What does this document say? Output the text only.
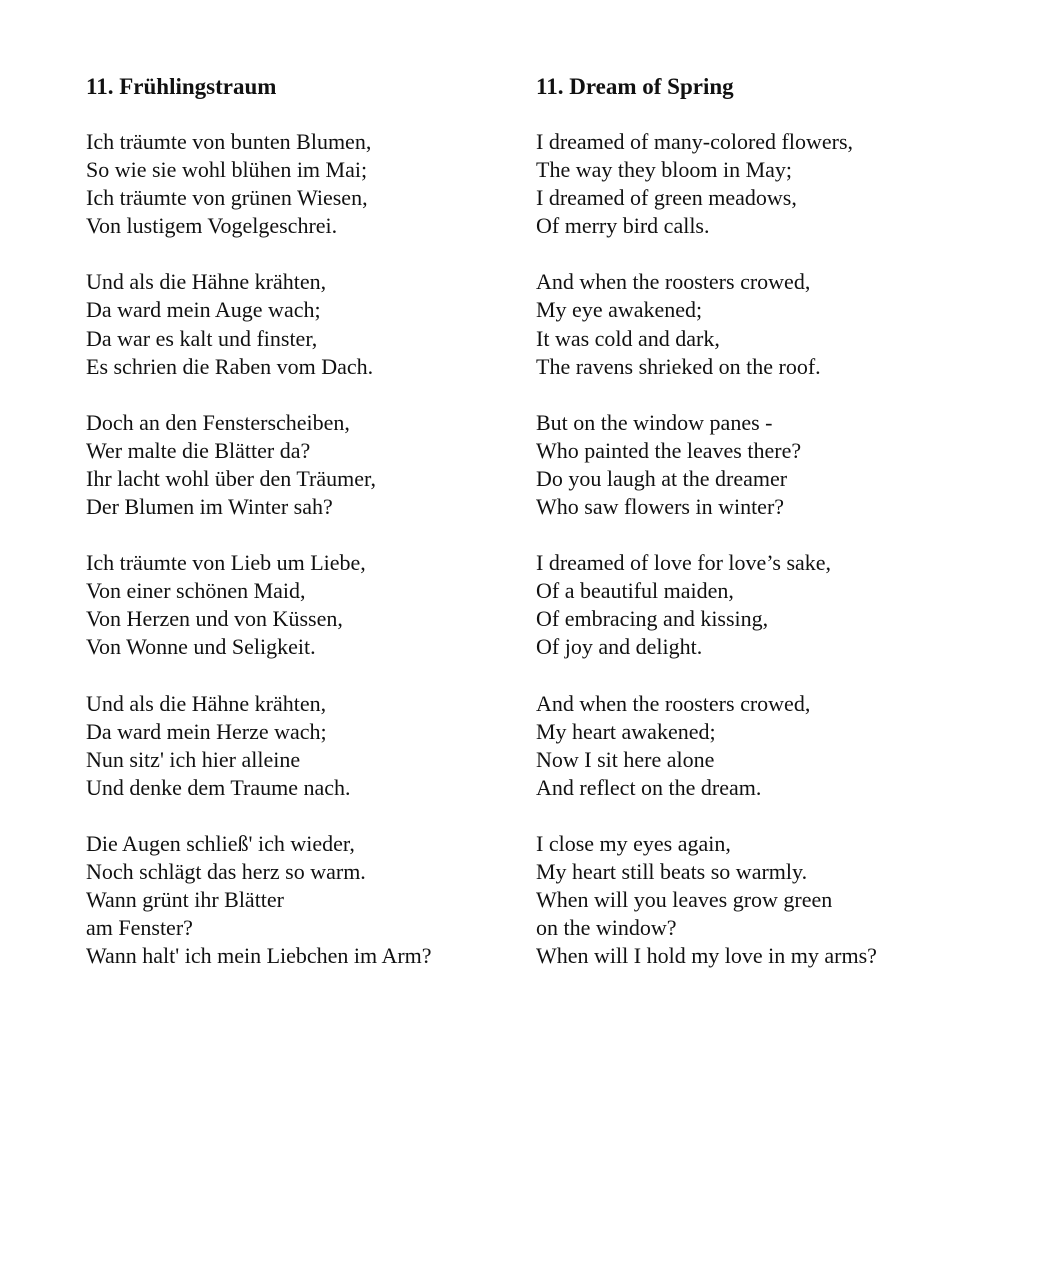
11. Frühlingstraum
Ich träumte von bunten Blumen,
So wie sie wohl blühen im Mai;
Ich träumte von grünen Wiesen,
Von lustigem Vogelgeschrei.
Und als die Hähne krähten,
Da ward mein Auge wach;
Da war es kalt und finster,
Es schrien die Raben vom Dach.
Doch an den Fensterscheiben,
Wer malte die Blätter da?
Ihr lacht wohl über den Träumer,
Der Blumen im Winter sah?
Ich träumte von Lieb um Liebe,
Von einer schönen Maid,
Von Herzen und von Küssen,
Von Wonne und Seligkeit.
Und als die Hähne krähten,
Da ward mein Herze wach;
Nun sitz' ich hier alleine
Und denke dem Traume nach.
Die Augen schließ' ich wieder,
Noch schlägt das herz so warm.
Wann grünt ihr Blätter
am Fenster?
Wann halt' ich mein Liebchen im Arm?
11. Dream of Spring
I dreamed of many-colored flowers,
The way they bloom in May;
I dreamed of green meadows,
Of merry bird calls.
And when the roosters crowed,
My eye awakened;
It was cold and dark,
The ravens shrieked on the roof.
But on the window panes -
Who painted the leaves there?
Do you laugh at the dreamer
Who saw flowers in winter?
I dreamed of love for love’s sake,
Of a beautiful maiden,
Of embracing and kissing,
Of joy and delight.
And when the roosters crowed,
My heart awakened;
Now I sit here alone
And reflect on the dream.
I close my eyes again,
My heart still beats so warmly.
When will you leaves grow green
on the window?
When will I hold my love in my arms?
